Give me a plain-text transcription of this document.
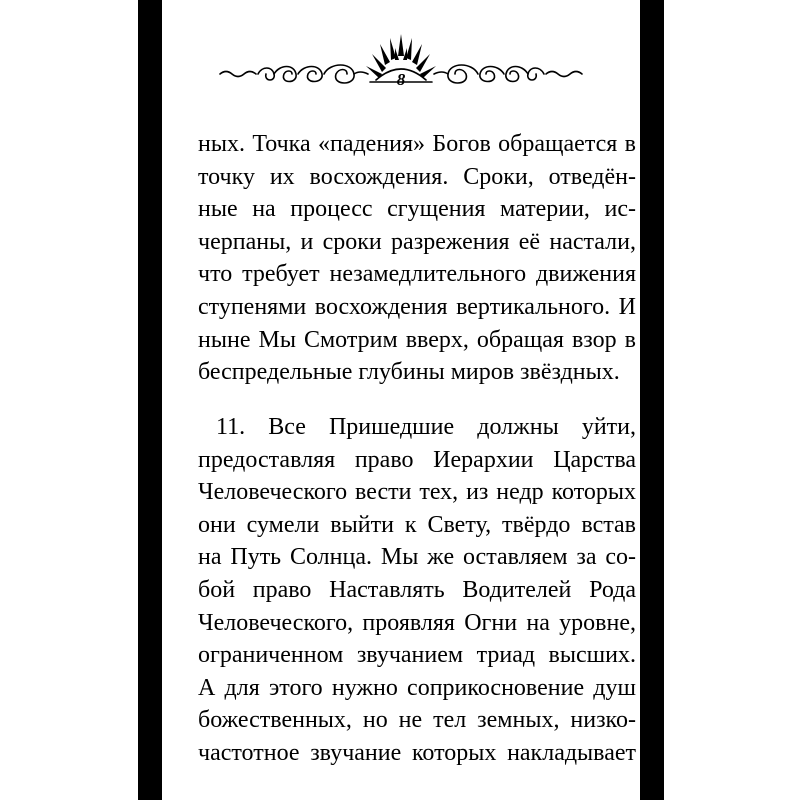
8
ных. Точка «падения» Богов обращается в
точку их восхождения. Сроки, отведён-
ные на процесс сгущения материи, ис-
черпаны, и сроки разрежения её настали,
что требует незамедлительного движения
ступенями восхождения вертикального. И
ныне Мы Смотрим вверх, обращая взор в
беспредельные глубины миров звёздных.
11. Все Пришедшие должны уйти,
предоставляя право Иерархии Царства
Человеческого вести тех, из недр которых
они сумели выйти к Свету, твёрдо встав
на Путь Солнца. Мы же оставляем за со-
бой право Наставлять Водителей Рода
Человеческого, проявляя Огни на уровне,
ограниченном звучанием триад высших.
А для этого нужно соприкосновение душ
божественных, но не тел земных, низко-
частотное звучание которых накладывает
